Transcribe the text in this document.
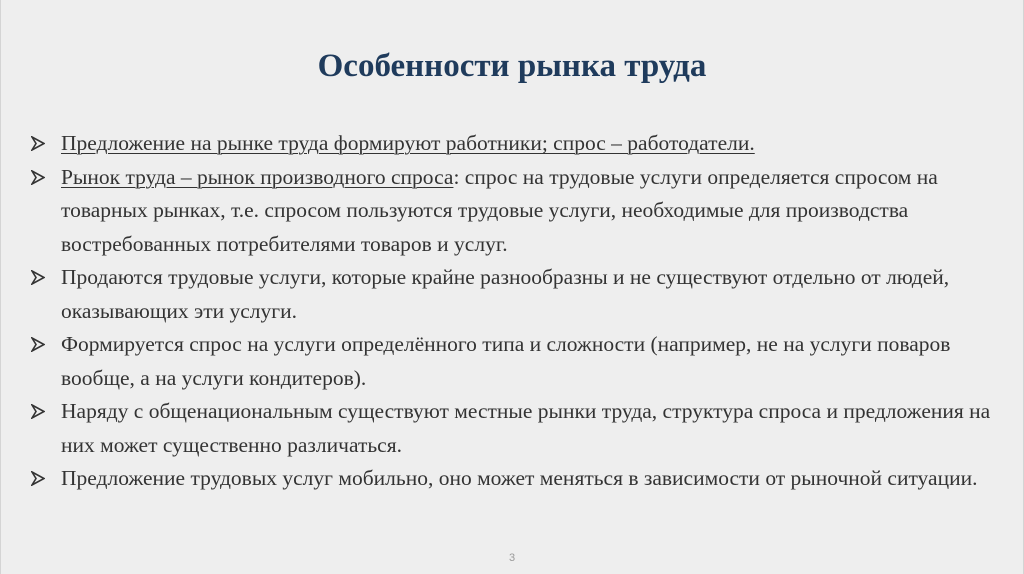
Особенности рынка труда
Предложение на рынке труда формируют работники; спрос – работодатели.
Рынок труда – рынок производного спроса: спрос на трудовые услуги определяется спросом на товарных рынках, т.е. спросом пользуются трудовые услуги, необходимые для производства востребованных потребителями товаров и услуг.
Продаются трудовые услуги, которые крайне разнообразны и не существуют отдельно от людей, оказывающих эти услуги.
Формируется спрос на услуги определённого типа и сложности (например, не на услуги поваров вообще, а на услуги кондитеров).
Наряду с общенациональным существуют местные рынки труда, структура спроса и предложения на них может существенно различаться.
Предложение трудовых услуг мобильно, оно может меняться в зависимости от рыночной ситуации.
3
